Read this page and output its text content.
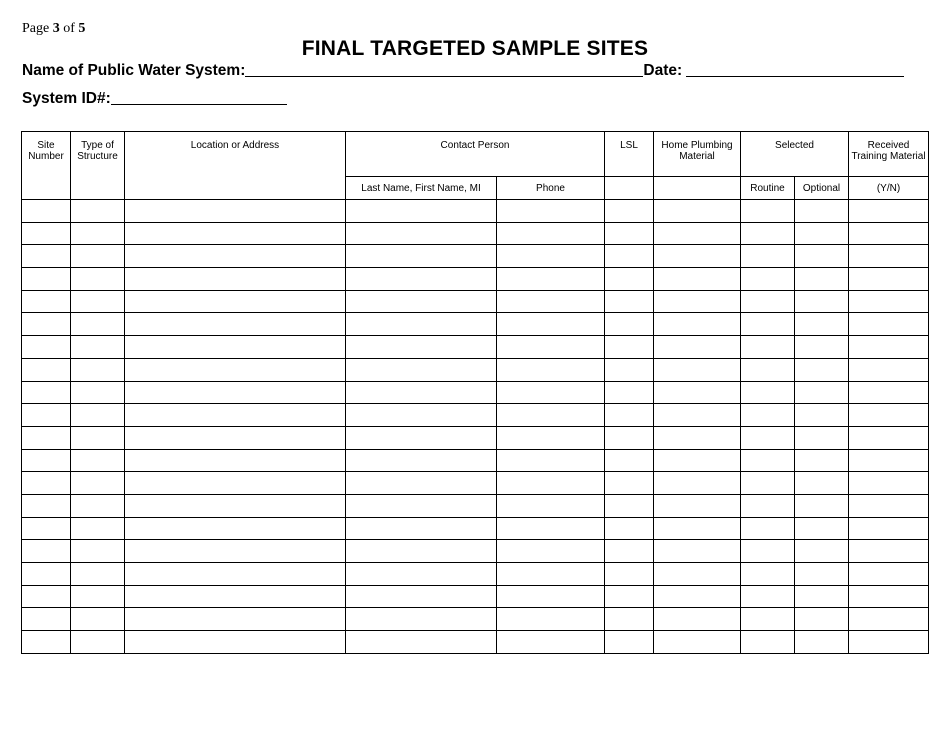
Page 3 of 5
FINAL TARGETED SAMPLE SITES
Name of Public Water System:	Date:
System ID#:
Site Number	Type of Structure	Location or Address	Contact Person		LSL	Home Plumbing Material	Selected		Received Training Material
			Last Name, First Name, MI	Phone			Routine	Optional	(Y/N)
